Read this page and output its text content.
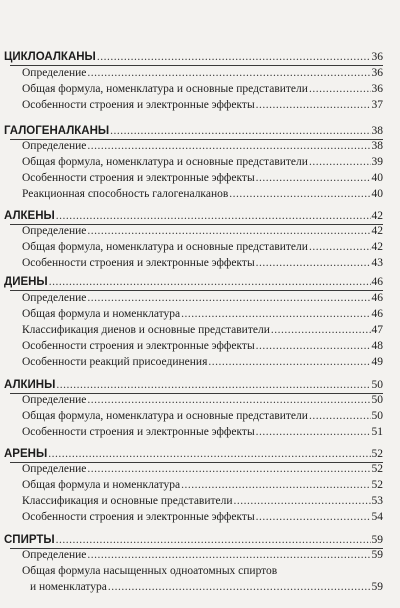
ЦИКЛОАЛКАНЫ .....	36
Определение .....	36
Общая формула, номенклатура и основные представители .....	36
Особенности строения и электронные эффекты .....	37
ГАЛОГЕНАЛКАНЫ .....	38
Определение .....	38
Общая формула, номенклатура и основные представители .....	39
Особенности строения и электронные эффекты .....	40
Реакционная способность галогеналканов .....	40
АЛКЕНЫ .....	42
Определение .....	42
Общая формула, номенклатура и основные представители .....	42
Особенности строения и электронные эффекты .....	43
ДИЕНЫ .....	46
Определение .....	46
Общая формула и номенклатура .....	46
Классификация диенов и основные представители .....	47
Особенности строения и электронные эффекты .....	48
Особенности реакций присоединения .....	49
АЛКИНЫ .....	50
Определение .....	50
Общая формула, номенклатура и основные представители .....	50
Особенности строения и электронные эффекты .....	51
АРЕНЫ .....	52
Определение .....	52
Общая формула и номенклатура .....	52
Классификация и основные представители .....	53
Особенности строения и электронные эффекты .....	54
СПИРТЫ .....	59
Определение .....	59
Общая формула насыщенных одноатомных спиртов
и номенклатура .....	59
